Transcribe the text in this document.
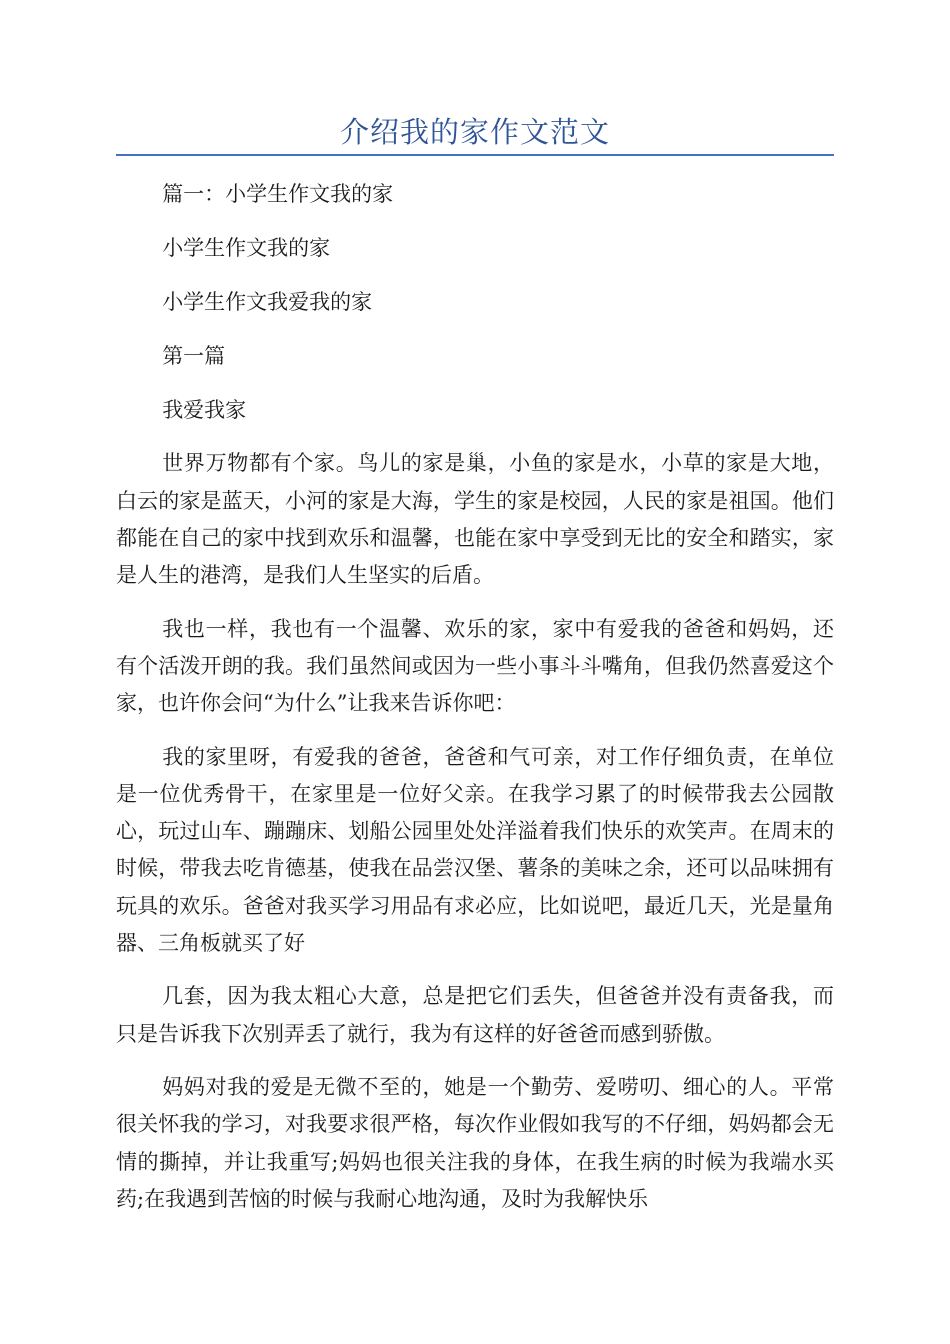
介绍我的家作文范文

篇一：小学生作文我的家

小学生作文我的家

小学生作文我爱我的家

第一篇

我爱我家

世界万物都有个家。鸟儿的家是巢，小鱼的家是水，小草的家是大地，白云的家是蓝天，小河的家是大海，学生的家是校园，人民的家是祖国。他们都能在自己的家中找到欢乐和温馨，也能在家中享受到无比的安全和踏实，家是人生的港湾，是我们人生坚实的后盾。

我也一样，我也有一个温馨、欢乐的家，家中有爱我的爸爸和妈妈，还有个活泼开朗的我。我们虽然间或因为一些小事斗斗嘴角，但我仍然喜爱这个家，也许你会问“为什么”让我来告诉你吧：

我的家里呀，有爱我的爸爸，爸爸和气可亲，对工作仔细负责，在单位是一位优秀骨干，在家里是一位好父亲。在我学习累了的时候带我去公园散心，玩过山车、蹦蹦床、划船公园里处处洋溢着我们快乐的欢笑声。在周末的时候，带我去吃肯德基，使我在品尝汉堡、薯条的美味之余，还可以品味拥有玩具的欢乐。爸爸对我买学习用品有求必应，比如说吧，最近几天，光是量角器、三角板就买了好

几套，因为我太粗心大意，总是把它们丢失，但爸爸并没有责备我，而只是告诉我下次别弄丢了就行，我为有这样的好爸爸而感到骄傲。

妈妈对我的爱是无微不至的，她是一个勤劳、爱唠叨、细心的人。平常很关怀我的学习，对我要求很严格，每次作业假如我写的不仔细，妈妈都会无情的撕掉，并让我重写;妈妈也很关注我的身体，在我生病的时候为我端水买药;在我遇到苦恼的时候与我耐心地沟通，及时为我解快乐
